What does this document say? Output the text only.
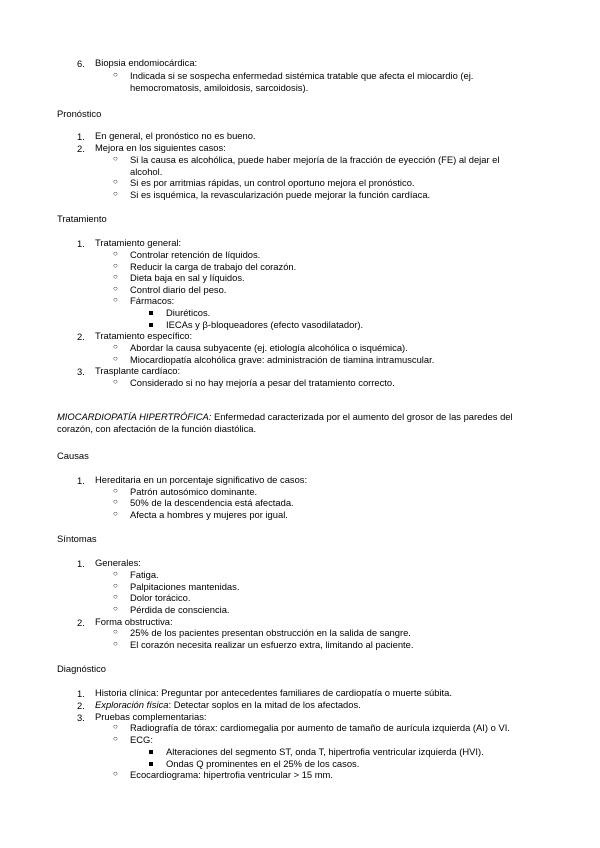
6. Biopsia endomiocárdica:
○ Indicada si se sospecha enfermedad sistémica tratable que afecta el miocardio (ej. hemocromatosis, amiloidosis, sarcoidosis).
Pronóstico
1. En general, el pronóstico no es bueno.
2. Mejora en los siguientes casos:
○ Si la causa es alcohólica, puede haber mejoría de la fracción de eyección (FE) al dejar el alcohol.
○ Si es por arritmias rápidas, un control oportuno mejora el pronóstico.
○ Si es isquémica, la revascularización puede mejorar la función cardíaca.
Tratamiento
1. Tratamiento general:
○ Controlar retención de líquidos.
○ Reducir la carga de trabajo del corazón.
○ Dieta baja en sal y líquidos.
○ Control diario del peso.
○ Fármacos:
Diuréticos.
IECAs y β-bloqueadores (efecto vasodilatador).
2. Tratamiento específico:
○ Abordar la causa subyacente (ej. etiología alcohólica o isquémica).
○ Miocardiopatía alcohólica grave: administración de tiamina intramuscular.
3. Trasplante cardíaco:
○ Considerado si no hay mejoría a pesar del tratamiento correcto.
MIOCARDIOPATÍA HIPERTRÓFICA: Enfermedad caracterizada por el aumento del grosor de las paredes del corazón, con afectación de la función diastólica.
Causas
1. Hereditaria en un porcentaje significativo de casos:
○ Patrón autosómico dominante.
○ 50% de la descendencia está afectada.
○ Afecta a hombres y mujeres por igual.
Síntomas
1. Generales:
○ Fatiga.
○ Palpitaciones mantenidas.
○ Dolor torácico.
○ Pérdida de consciencia.
2. Forma obstructiva:
○ 25% de los pacientes presentan obstrucción en la salida de sangre.
○ El corazón necesita realizar un esfuerzo extra, limitando al paciente.
Diagnóstico
1. Historia clínica: Preguntar por antecedentes familiares de cardiopatía o muerte súbita.
2. Exploración física: Detectar soplos en la mitad de los afectados.
3. Pruebas complementarias:
○ Radiografía de tórax: cardiomegalia por aumento de tamaño de aurícula izquierda (AI) o VI.
○ ECG:
Alteraciones del segmento ST, onda T, hipertrofia ventricular izquierda (HVI).
Ondas Q prominentes en el 25% de los casos.
○ Ecocardiograma: hipertrofia ventricular > 15 mm.
